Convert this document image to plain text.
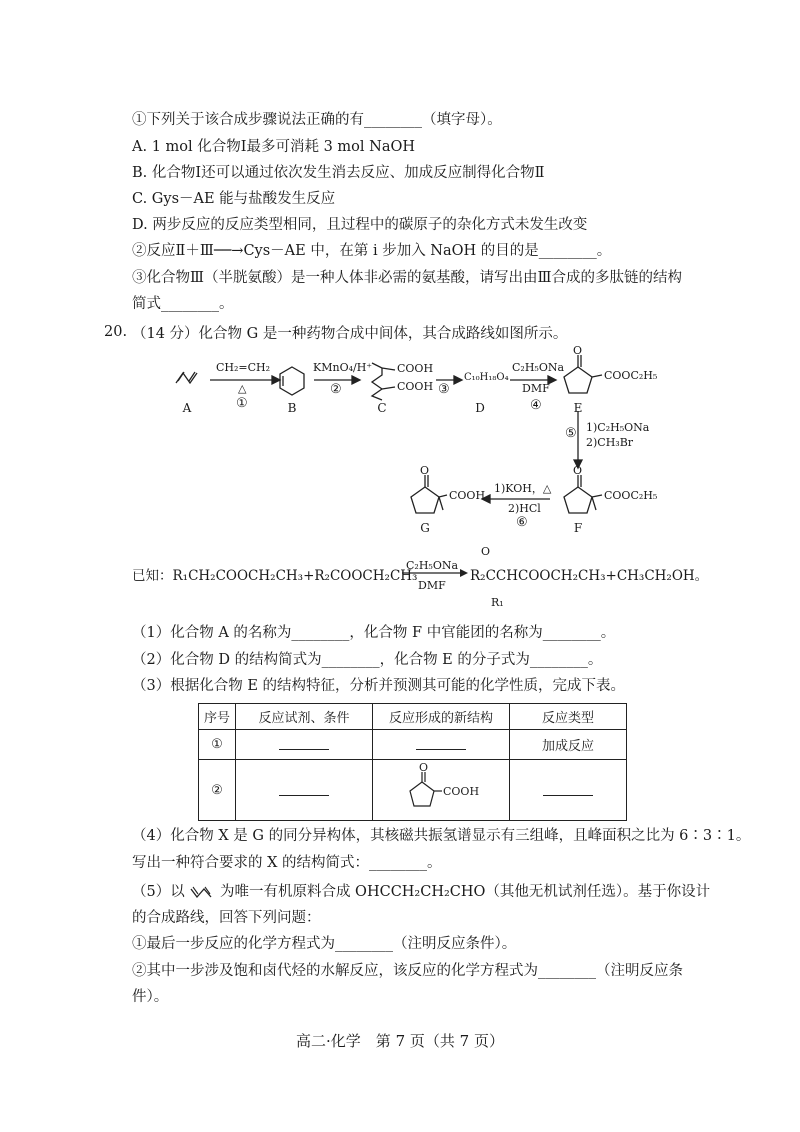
①下列关于该合成步骤说法正确的有________（填字母）。
A. 1 mol 化合物Ⅰ最多可消耗 3 mol NaOH
B. 化合物Ⅰ还可以通过依次发生消去反应、加成反应制得化合物Ⅱ
C. Gys－AE 能与盐酸发生反应
D. 两步反应的反应类型相同，且过程中的碳原子的杂化方式未发生改变
②反应Ⅱ＋Ⅲ──→Cys－AE 中，在第 i 步加入 NaOH 的目的是________。
③化合物Ⅲ（半胱氨酸）是一种人体非必需的氨基酸，请写出由Ⅲ合成的多肽链的结构
简式________。
20. （14 分）化合物 G 是一种药物合成中间体，其合成路线如图所示。
CH₂=CH₂
△
①
KMnO₄/H⁺
②
COOH
COOH ③
C₁₀H₁₈O₄
C₂H₅ONa
DMF
④
O
COOC₂H₅
⑤ 1)C₂H₅ONa
2)CH₃Br
O
COOC₂H₅
1)KOH，△
2)HCl
⑥
O
COOH
A	B	C	D	E
F
G
已知：R₁CH₂COOCH₂CH₃+R₂COOCH₂CH₃
C₂H₅ONa
DMF
O
R₂CCHCOOCH₂CH₃+CH₃CH₂OH。
R₁
（1）化合物 A 的名称为________，化合物 F 中官能团的名称为________。
（2）化合物 D 的结构简式为________，化合物 E 的分子式为________。
（3）根据化合物 E 的结构特征，分析并预测其可能的化学性质，完成下表。
序号	反应试剂、条件	反应形成的新结构	反应类型
①			加成反应
②		O
COOH	

（4）化合物 X 是 G 的同分异构体，其核磁共振氢谱显示有三组峰，且峰面积之比为 6∶3∶1。
写出一种符合要求的 X 的结构简式：________。
（5）以 为唯一有机原料合成 OHCCH₂CH₂CHO（其他无机试剂任选）。基于你设计
的合成路线，回答下列问题：
①最后一步反应的化学方程式为________（注明反应条件）。
②其中一步涉及饱和卤代烃的水解反应，该反应的化学方程式为________（注明反应条
件）。
高二·化学　第 7 页（共 7 页）
